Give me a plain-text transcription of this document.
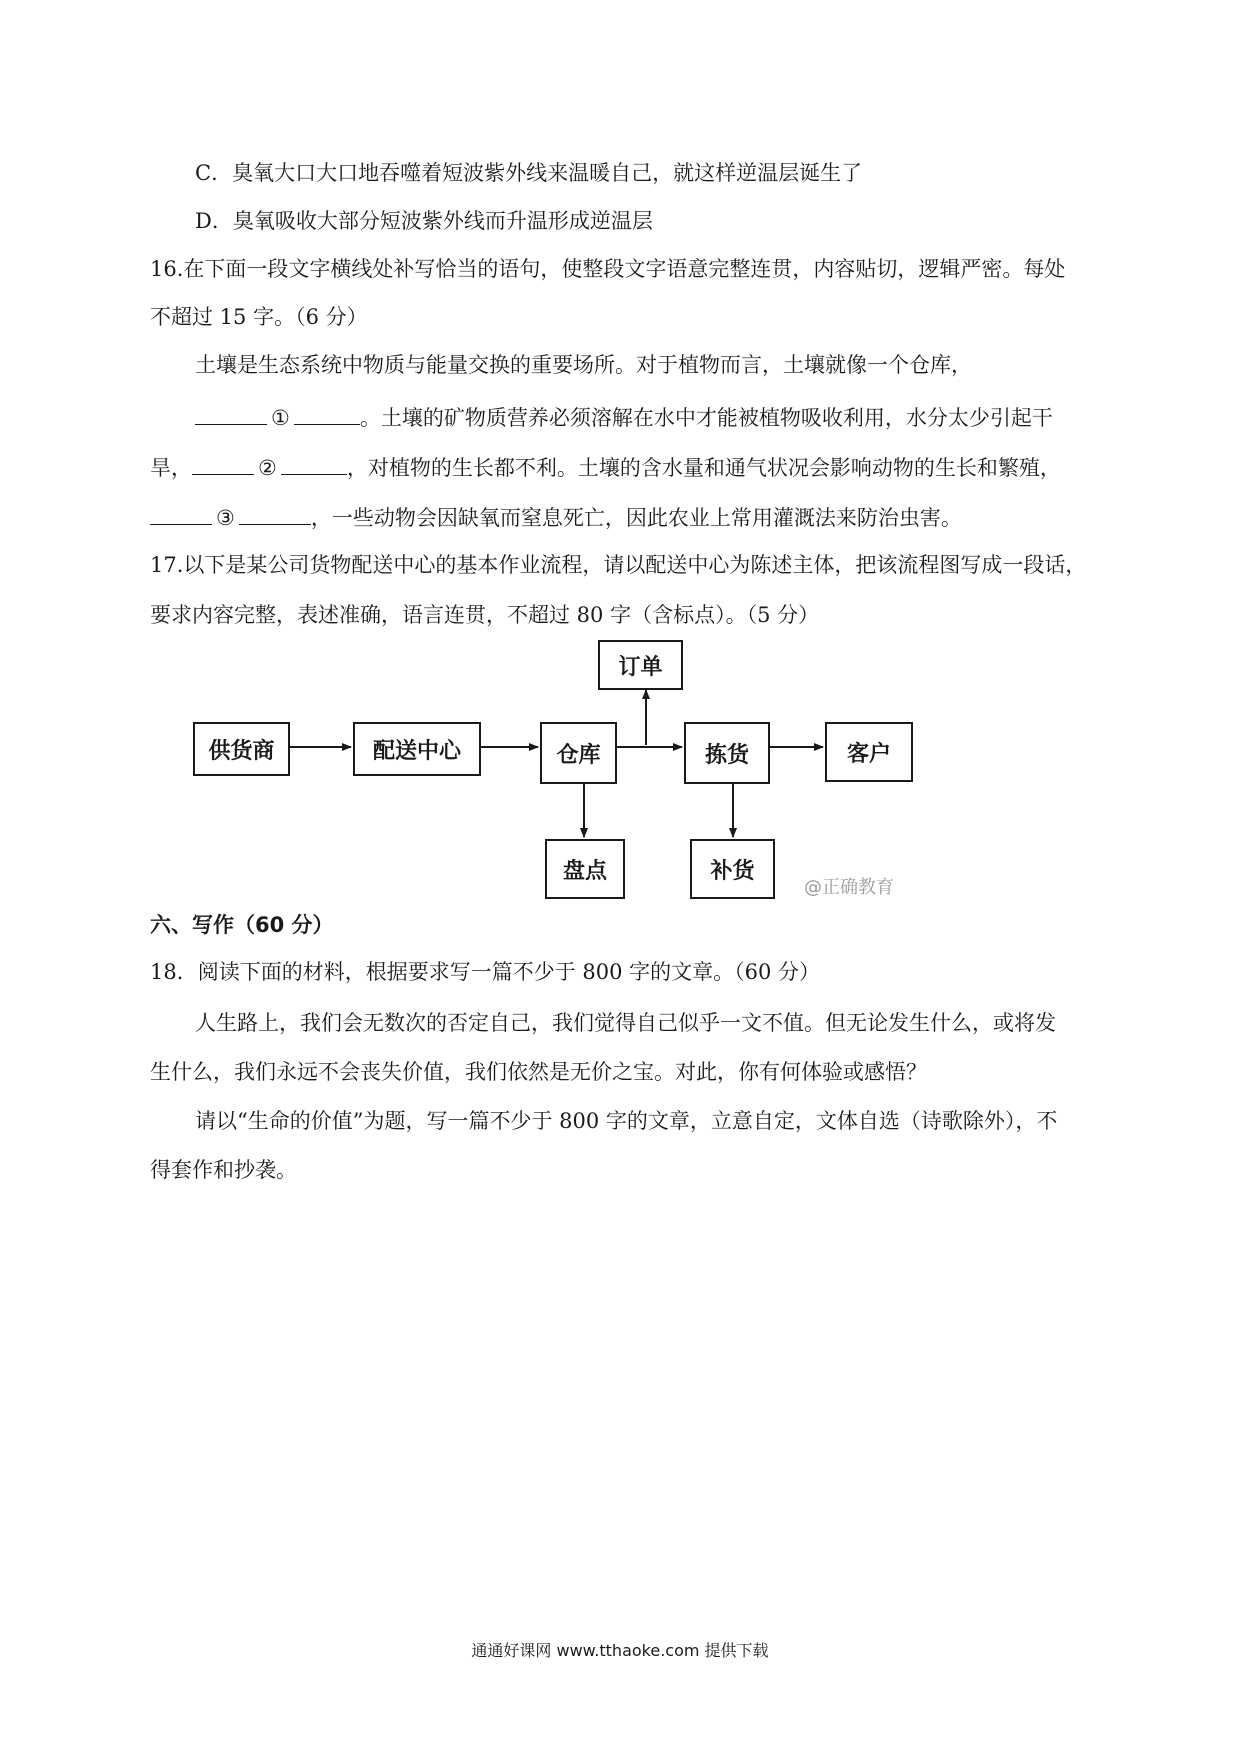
C．臭氧大口大口地吞噬着短波紫外线来温暖自己，就这样逆温层诞生了
D．臭氧吸收大部分短波紫外线而升温形成逆温层
16.在下面一段文字横线处补写恰当的语句，使整段文字语意完整连贯，内容贴切，逻辑严密。每处
不超过 15 字。（6 分）
土壤是生态系统中物质与能量交换的重要场所。对于植物而言，土壤就像一个仓库，
①	。土壤的矿物质营养必须溶解在水中才能被植物吸收利用，水分太少引起干
旱，	②	，对植物的生长都不利。土壤的含水量和通气状况会影响动物的生长和繁殖，
③	，一些动物会因缺氧而窒息死亡，因此农业上常用灌溉法来防治虫害。
17.以下是某公司货物配送中心的基本作业流程，请以配送中心为陈述主体，把该流程图写成一段话，
要求内容完整，表述准确，语言连贯，不超过 80 字（含标点）。（5 分）
供货商	配送中心	仓库
订单
拣货	客户
盘点	补货
@正确教育
六、写作（60 分）
18．阅读下面的材料，根据要求写一篇不少于 800 字的文章。（60 分）
人生路上，我们会无数次的否定自己，我们觉得自己似乎一文不值。但无论发生什么，或将发
生什么，我们永远不会丧失价值，我们依然是无价之宝。对此，你有何体验或感悟？
请以“生命的价值”为题，写一篇不少于 800 字的文章，立意自定，文体自选（诗歌除外），不
得套作和抄袭。
通通好课网 www.tthaoke.com 提供下载
